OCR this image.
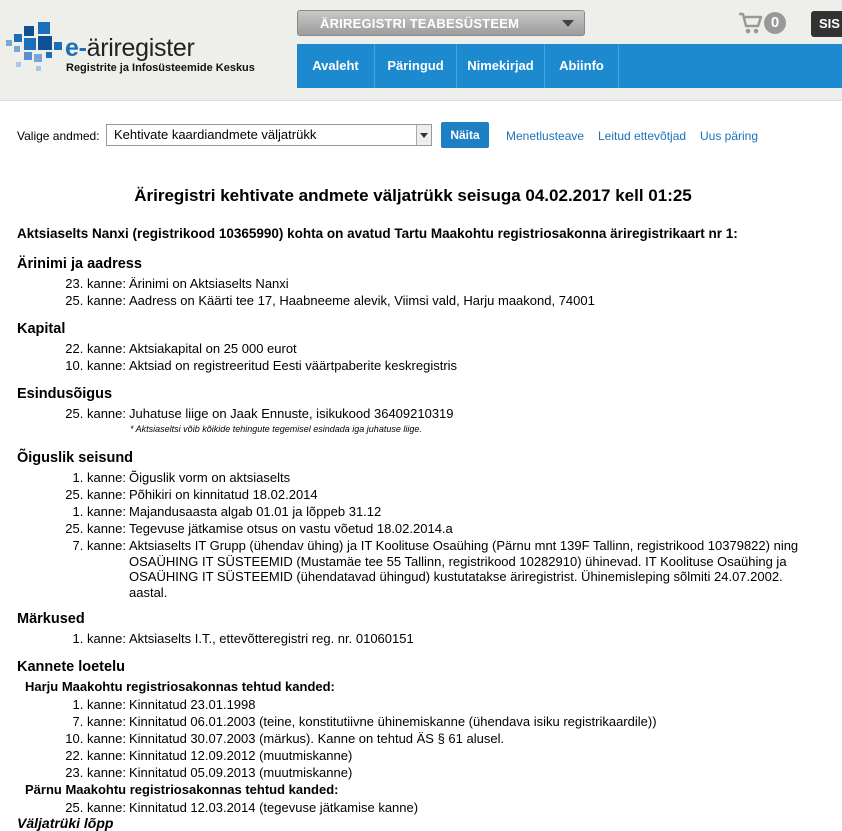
e-äriregister
Registrite ja Infosüsteemide Keskus
ÄRIREGISTRI TEABESÜSTEEM	0	SIS
Avaleht	Päringud	Nimekirjad	Abiinfo
Valige andmed:	Kehtivate kaardiandmete väljatrükk	Näita	Menetlusteave Leitud ettevõtjad Uus päring
Äriregistri kehtivate andmete väljatrükk seisuga 04.02.2017 kell 01:25
Aktsiaselts Nanxi (registrikood 10365990) kohta on avatud Tartu Maakohtu registriosakonna äriregistrikaart nr 1:
Ärinimi ja aadress
23. kanne: Ärinimi on Aktsiaselts Nanxi
25. kanne: Aadress on Käärti tee 17, Haabneeme alevik, Viimsi vald, Harju maakond, 74001
Kapital
22. kanne: Aktsiakapital on 25 000 eurot
10. kanne: Aktsiad on registreeritud Eesti väärtpaberite keskregistris
Esindusõigus
25. kanne: Juhatuse liige on Jaak Ennuste, isikukood 36409210319
* Aktsiaseltsi võib kõikide tehingute tegemisel esindada iga juhatuse liige.
Õiguslik seisund
1. kanne: Õiguslik vorm on aktsiaselts
25. kanne: Põhikiri on kinnitatud 18.02.2014
1. kanne: Majandusaasta algab 01.01 ja lõppeb 31.12
25. kanne: Tegevuse jätkamise otsus on vastu võetud 18.02.2014.a
7. kanne: Aktsiaselts IT Grupp (ühendav ühing) ja IT Koolituse Osaühing (Pärnu mnt 139F Tallinn, registrikood 10379822) ning OSAÜHING IT SÜSTEEMID (Mustamäe tee 55 Tallinn, registrikood 10282910) ühinevad. IT Koolituse Osaühing ja OSAÜHING IT SÜSTEEMID (ühendatavad ühingud) kustutatakse äriregistrist. Ühinemisleping sõlmiti 24.07.2002. aastal.
Märkused
1. kanne: Aktsiaselts I.T., ettevõtteregistri reg. nr. 01060151
Kannete loetelu
Harju Maakohtu registriosakonnas tehtud kanded:
1. kanne: Kinnitatud 23.01.1998
7. kanne: Kinnitatud 06.01.2003 (teine, konstitutiivne ühinemiskanne (ühendava isiku registrikaardile))
10. kanne: Kinnitatud 30.07.2003 (märkus). Kanne on tehtud ÄS § 61 alusel.
22. kanne: Kinnitatud 12.09.2012 (muutmiskanne)
23. kanne: Kinnitatud 05.09.2013 (muutmiskanne)
Pärnu Maakohtu registriosakonnas tehtud kanded:
25. kanne: Kinnitatud 12.03.2014 (tegevuse jätkamise kanne)
Väljatrüki lõpp
